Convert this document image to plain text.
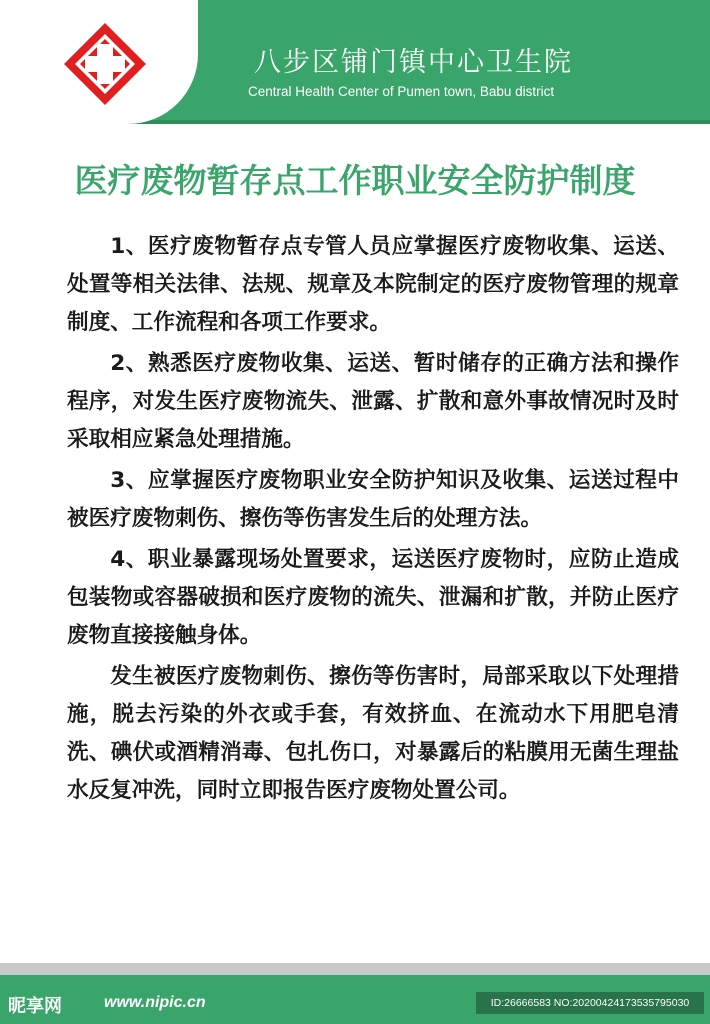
八步区铺门镇中心卫生院
Central Health Center of Pumen town, Babu district
医疗废物暂存点工作职业安全防护制度

1、医疗废物暂存点专管人员应掌握医疗废物收集、运送、处置等相关法律、法规、规章及本院制定的医疗废物管理的规章制度、工作流程和各项工作要求。

2、熟悉医疗废物收集、运送、暂时储存的正确方法和操作程序，对发生医疗废物流失、泄露、扩散和意外事故情况时及时采取相应紧急处理措施。

3、应掌握医疗废物职业安全防护知识及收集、运送过程中被医疗废物刺伤、擦伤等伤害发生后的处理方法。

4、职业暴露现场处置要求，运送医疗废物时，应防止造成包装物或容器破损和医疗废物的流失、泄漏和扩散，并防止医疗废物直接接触身体。

发生被医疗废物刺伤、擦伤等伤害时，局部采取以下处理措施，脱去污染的外衣或手套，有效挤血、在流动水下用肥皂清洗、碘伏或酒精消毒、包扎伤口，对暴露后的粘膜用无菌生理盐水反复冲洗，同时立即报告医疗废物处置公司。

昵享网	www.nipic.cn	ID:26666583 NO:20200424173535795030
